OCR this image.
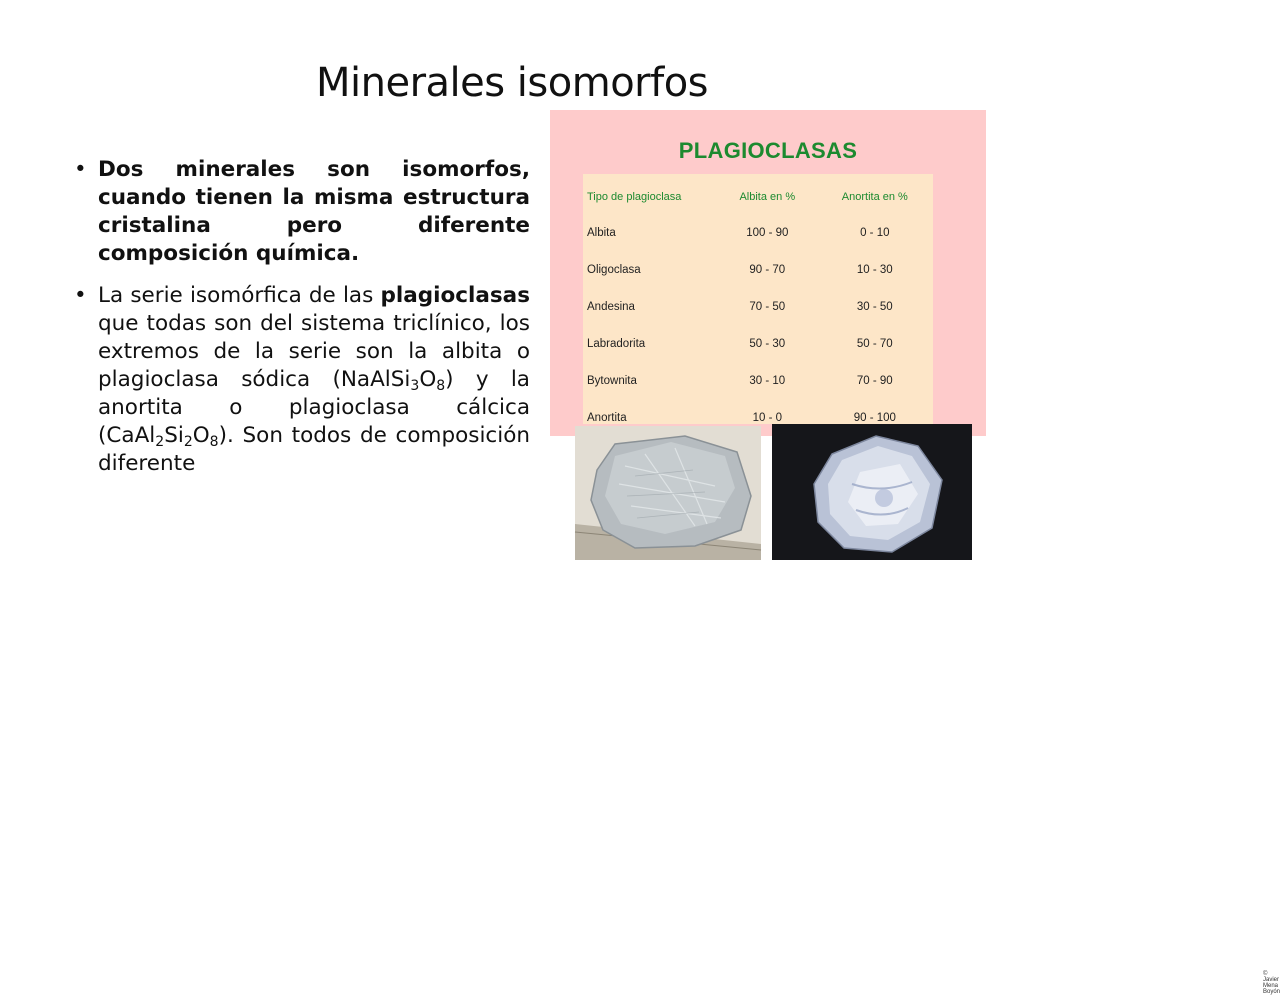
Minerales isomorfos
• Dos minerales son isomorfos, cuando tienen la misma estructura cristalina pero diferente composición química.
• La serie isomórfica de las plagioclasas que todas son del sistema triclínico, los extremos de la serie son la albita o plagioclasa sódica $(NaAlSi_3O_8)$ y la anortita o plagioclasa cálcica $(CaAl_2Si_2O_8)$. Son todos de composición diferente
PLAGIOCLASAS
Tipo de plagioclasa	Albita en %	Anortita en %
Albita	100 - 90	0 - 10
Oligoclasa	90 - 70	10 - 30
Andesina	70 - 50	30 - 50
Labradorita	50 - 30	50 - 70
Bytownita	30 - 10	70 - 90
Anortita	10 - 0	90 - 100
© Javier Mena Boyón
